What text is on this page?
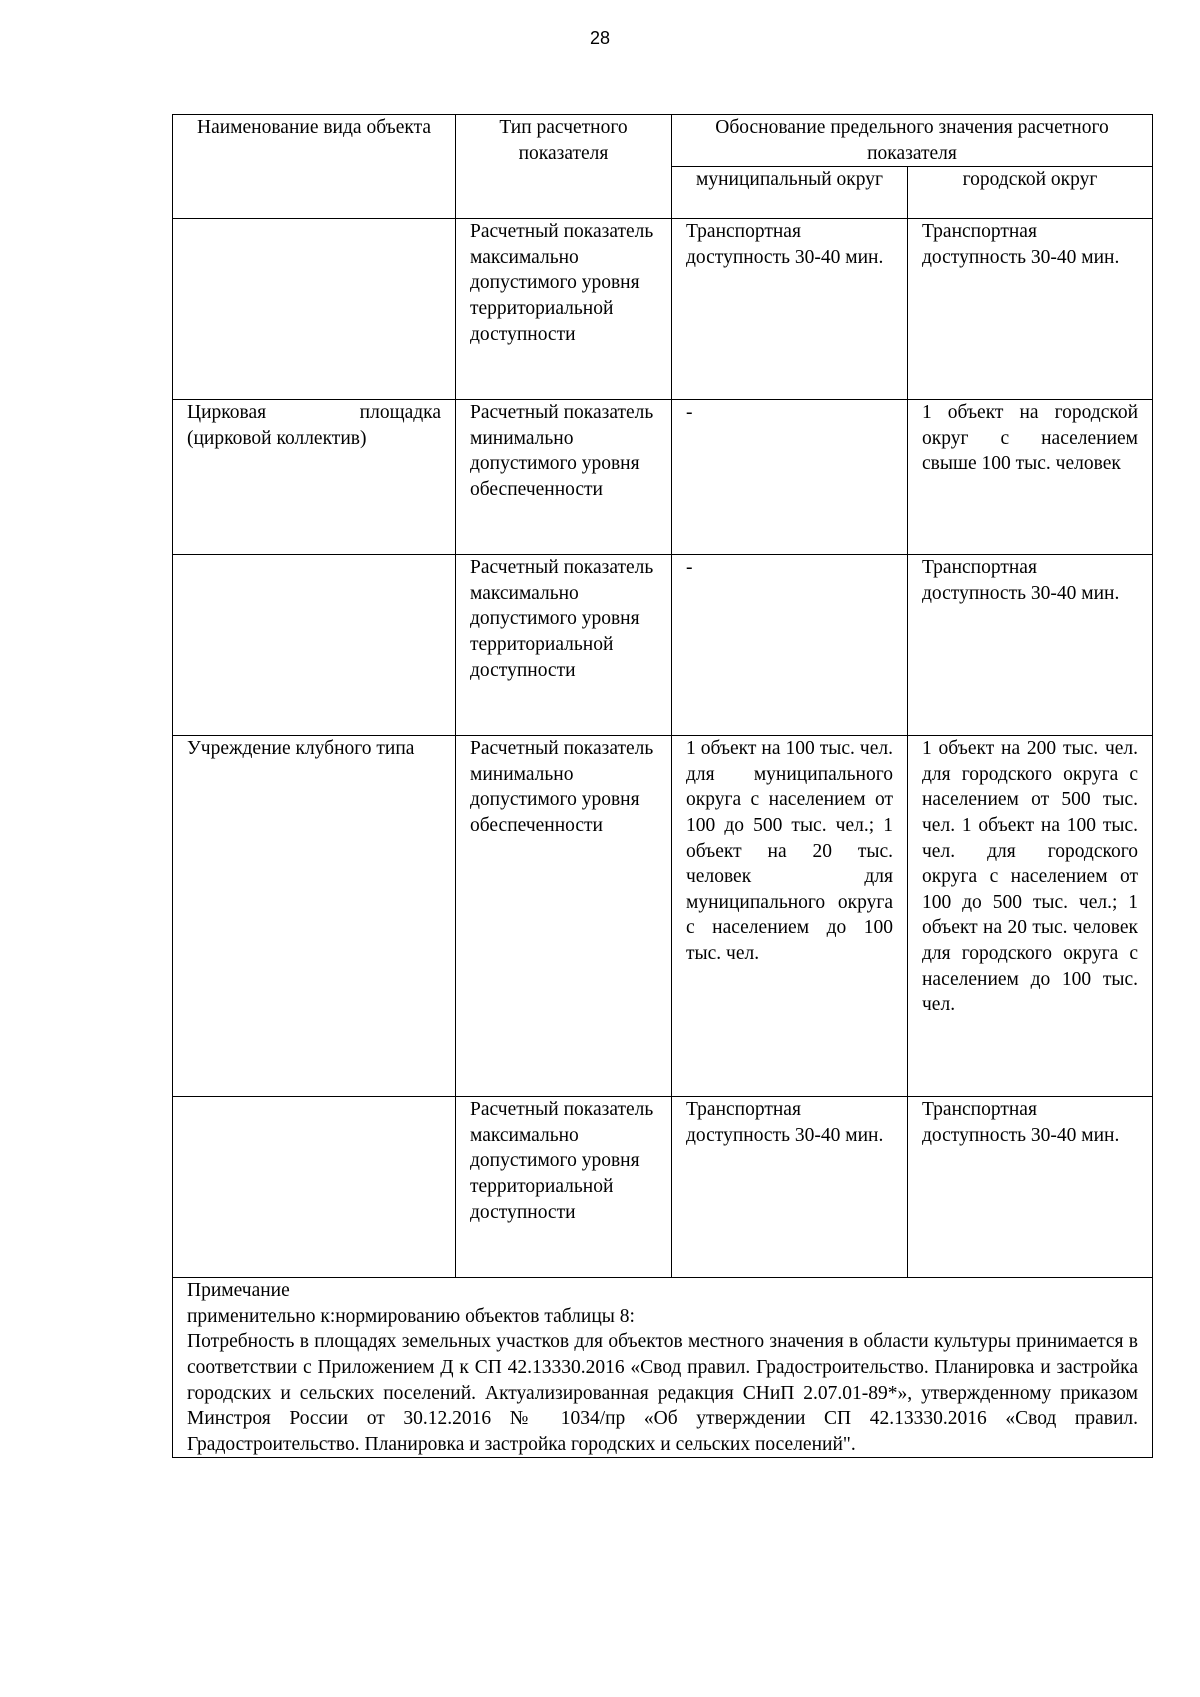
28
Наименование вида объекта	Тип расчетного показателя	Обоснование предельного значения расчетного показателя	
		муниципальный округ	городской округ
	Расчетный показатель максимально допустимого уровня территориальной доступности	Транспортная доступность 30-40 мин.	Транспортная доступность 30-40 мин.
Цирковая площадка (цирковой коллектив)	Расчетный показатель минимально допустимого уровня обеспеченности	-	1 объект на городской округ с населением свыше 100 тыс. человек
	Расчетный показатель максимально допустимого уровня территориальной доступности	-	Транспортная доступность 30-40 мин.
Учреждение клубного типа	Расчетный показатель минимально допустимого уровня обеспеченности	1 объект на 100 тыс. чел. для муниципального округа с населением от 100 до 500 тыс. чел.; 1 объект на 20 тыс. человек для муниципального округа с населением до 100 тыс. чел.	1 объект на 200 тыс. чел. для городского округа с населением от 500 тыс. чел. 1 объект на 100 тыс. чел. для городского округа с населением от 100 до 500 тыс. чел.; 1 объект на 20 тыс. человек для городского округа с населением до 100 тыс. чел.
	Расчетный показатель максимально допустимого уровня территориальной доступности	Транспортная доступность 30-40 мин.	Транспортная доступность 30-40 мин.

Примечание
применительно к:нормированию объектов таблицы 8:
Потребность в площадях земельных участков для объектов местного значения в области культуры принимается в соответствии с Приложением Д к СП 42.13330.2016 «Свод правил. Градостроительство. Планировка и застройка городских и сельских поселений. Актуализированная редакция СНиП 2.07.01-89*», утвержденному приказом Минстроя России от 30.12.2016 № 1034/пр «Об утверждении СП 42.13330.2016 «Свод правил. Градостроительство. Планировка и застройка городских и сельских поселений".			
